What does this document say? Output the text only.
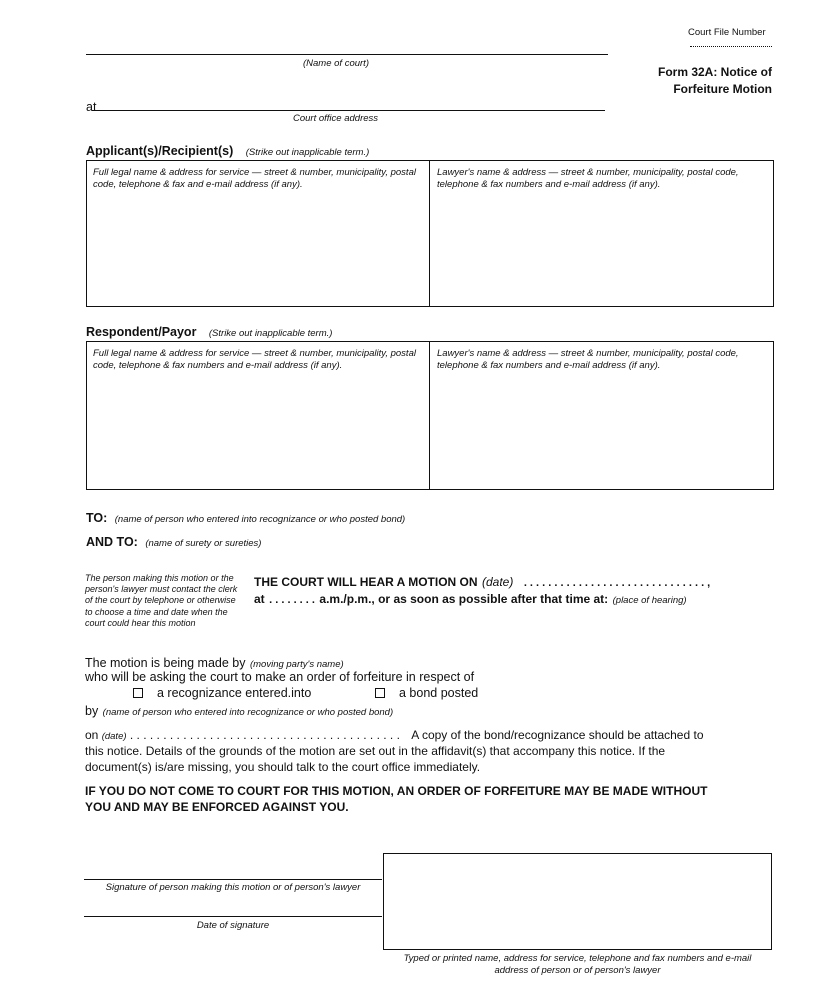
Court File Number
(Name of court)
Form 32A: Notice of
Forfeiture Motion
at
Court office address
Applicant(s)/Recipient(s) (Strike out inapplicable term.)
Full legal name & address for service — street & number, municipality, postal code, telephone & fax and e-mail address (if any).
Lawyer's name & address — street & number, municipality, postal code, telephone & fax numbers and e-mail address (if any).
Respondent/Payor (Strike out inapplicable term.)
Full legal name & address for service — street & number, municipality, postal code, telephone & fax numbers and e-mail address (if any).
Lawyer's name & address — street & number, municipality, postal code, telephone & fax numbers and e-mail address (if any).
TO: (name of person who entered into recognizance or who posted bond)
AND TO: (name of surety or sureties)
The person making this motion or the person's lawyer must contact the clerk of the court by telephone or otherwise to choose a time and date when the court could hear this motion
THE COURT WILL HEAR A MOTION ON (date) . . . . . . . . . . . . . . . . . . . . . . . . . . . . . . ,
at . . . . . . . . a.m./p.m., or as soon as possible after that time at: (place of hearing)
The motion is being made by (moving party's name)
who will be asking the court to make an order of forfeiture in respect of
a recognizance entered.into	a bond posted
by (name of person who entered into recognizance or who posted bond)
on (date) . . . . . . . . . . . . . . . . . . . . . . . . . . . . . . . . . . . . . . . . . A copy of the bond/recognizance should be attached to
this notice. Details of the grounds of the motion are set out in the affidavit(s) that accompany this notice. If the
document(s) is/are missing, you should talk to the court office immediately.
IF YOU DO NOT COME TO COURT FOR THIS MOTION, AN ORDER OF FORFEITURE MAY BE MADE WITHOUT
YOU AND MAY BE ENFORCED AGAINST YOU.
Signature of person making this motion or of person's lawyer
Date of signature
Typed or printed name, address for service, telephone and fax numbers and e-mail
address of person or of person's lawyer
